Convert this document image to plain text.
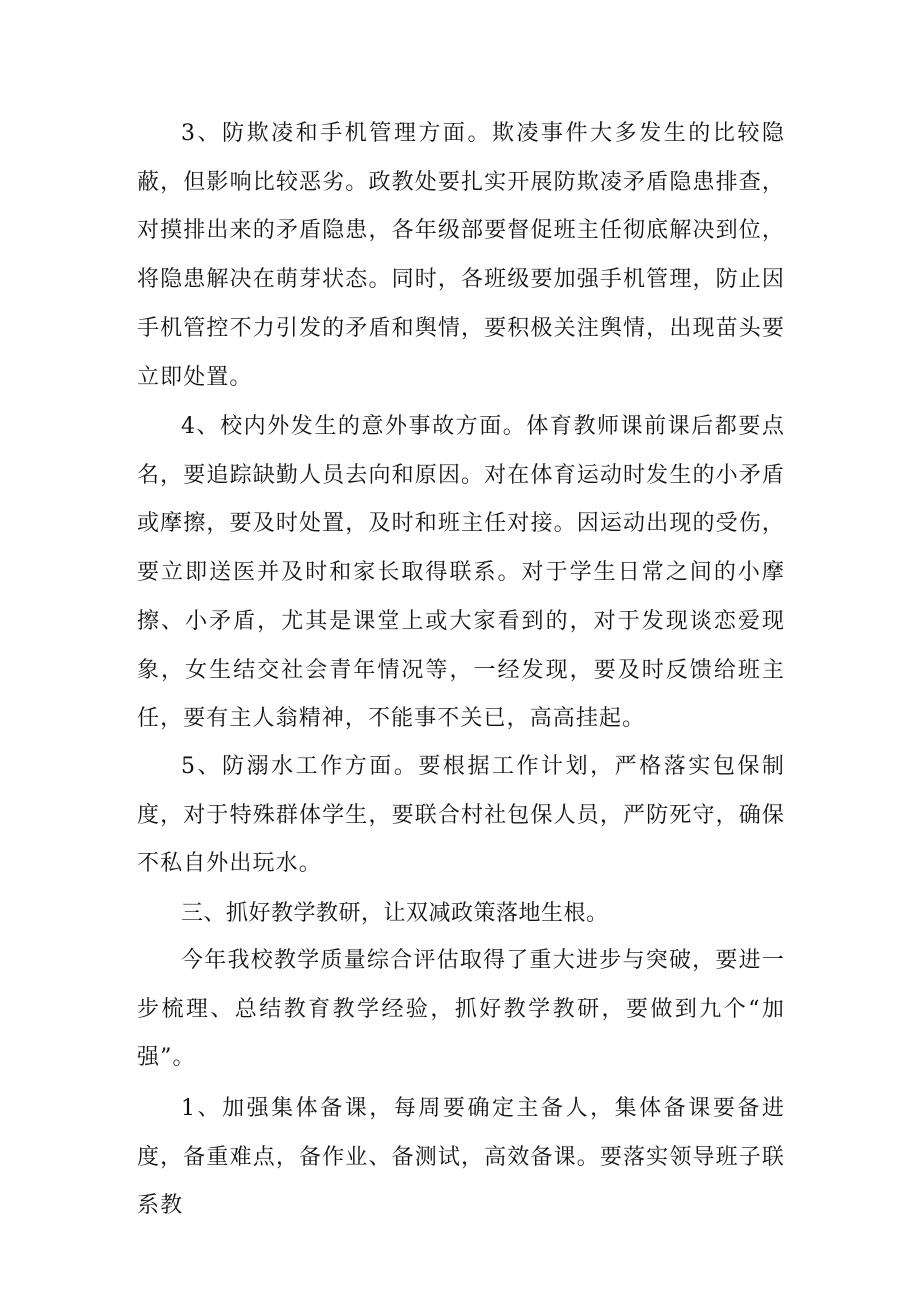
3、防欺凌和手机管理方面。欺凌事件大多发生的比较隐蔽，但影响比较恶劣。政教处要扎实开展防欺凌矛盾隐患排查，对摸排出来的矛盾隐患，各年级部要督促班主任彻底解决到位，将隐患解决在萌芽状态。同时，各班级要加强手机管理，防止因手机管控不力引发的矛盾和舆情，要积极关注舆情，出现苗头要立即处置。

4、校内外发生的意外事故方面。体育教师课前课后都要点名，要追踪缺勤人员去向和原因。对在体育运动时发生的小矛盾或摩擦，要及时处置，及时和班主任对接。因运动出现的受伤，要立即送医并及时和家长取得联系。对于学生日常之间的小摩擦、小矛盾，尤其是课堂上或大家看到的，对于发现谈恋爱现象，女生结交社会青年情况等，一经发现，要及时反馈给班主任，要有主人翁精神，不能事不关已，高高挂起。

5、防溺水工作方面。要根据工作计划，严格落实包保制度，对于特殊群体学生，要联合村社包保人员，严防死守，确保不私自外出玩水。

三、抓好教学教研，让双减政策落地生根。

今年我校教学质量综合评估取得了重大进步与突破，要进一步梳理、总结教育教学经验，抓好教学教研，要做到九个“加强”。

1、加强集体备课，每周要确定主备人，集体备课要备进度，备重难点，备作业、备测试，高效备课。要落实领导班子联系教
